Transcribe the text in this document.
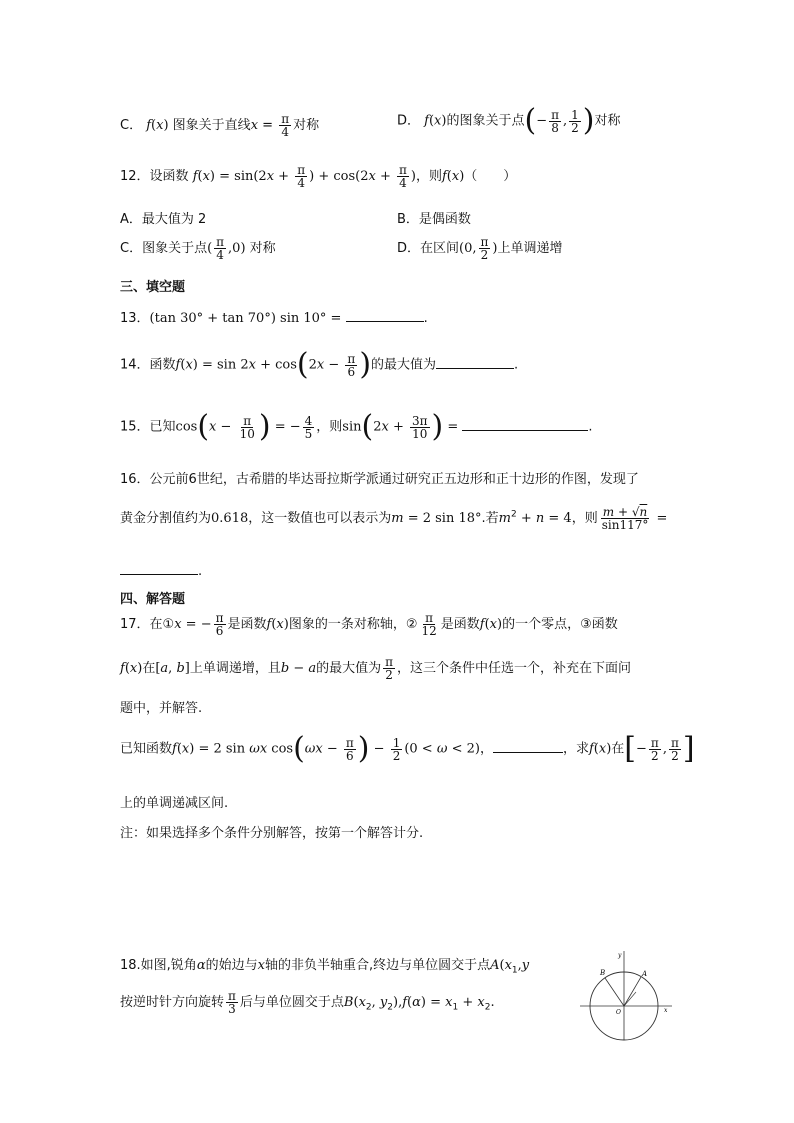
C． f(x) 图象关于直线$x = \frac{\pi}{4}$ 对称	D． f(x)的图象关于点(− $\frac{\pi}{8}$ , $\frac{1}{2}$ )对称
12．设函数 $f(x) = \sin(2x + \frac{\pi}{4}$ ) + $\cos(2x + \frac{\pi}{4}$ )，则f(x)（　　）
A．最大值为 2	B．是偶函数
C．图象关于点( $\frac{\pi}{4} ,0$) 对称	D．在区间(0, $\frac{\pi}{2}$ )上单调递增
三、填空题
13．(tan 30° + tan 70°) sin 10° =	.
14．函数$f(x) = \sin 2x + \cos(2x - \frac{\pi}{6}$ )的最大值为	.
15．已知$\cos(x - \frac{\pi}{10}$ ) = − $\frac{4}{5}$ ，则$\sin(2x + \frac{3\pi}{10}$ ) =	.
16．公元前6世纪，古希腊的毕达哥拉斯学派通过研究正五边形和正十边形的作图，发现了
黄金分割值约为0.618，这一数值也可以表示为m = 2 sin 18°.若$m^2 + n = 4$，则 $\frac{m + √n}{\sin 117^\circ}$ =
.
四、解答题
17．在①x = − $\frac{\pi}{6}$ 是函数f(x)图象的一条对称轴，② $\frac{\pi}{12}$ 是函数f(x)的一个零点，③函数
f(x)在[a, b]上单调递增，且b − a的最大值为 $\frac{\pi}{2}$ ，这三个条件中任选一个，补充在下面问
题中，并解答.
已知函数f(x) = 2 sin ωx $\cos(\omega x - \frac{\pi}{6}$ ) − $\frac{1}{2} (0 < \omega < 2)$，	，求f(x)在[− $\frac{\pi}{2}$ , $\frac{\pi}{2}$ ]
上的单调递减区间.
注：如果选择多个条件分别解答，按第一个解答计分.
18.如图,锐角α的始边与x轴的非负半轴重合,终边与单位圆交于点$A(x_1,y$
按逆时针方向旋转 $\frac{\pi}{3}$ 后与单位圆交于点$B(x_2$, $y_2),f(\alpha) = x_1 + x_2$.
y
x
O
A
B
